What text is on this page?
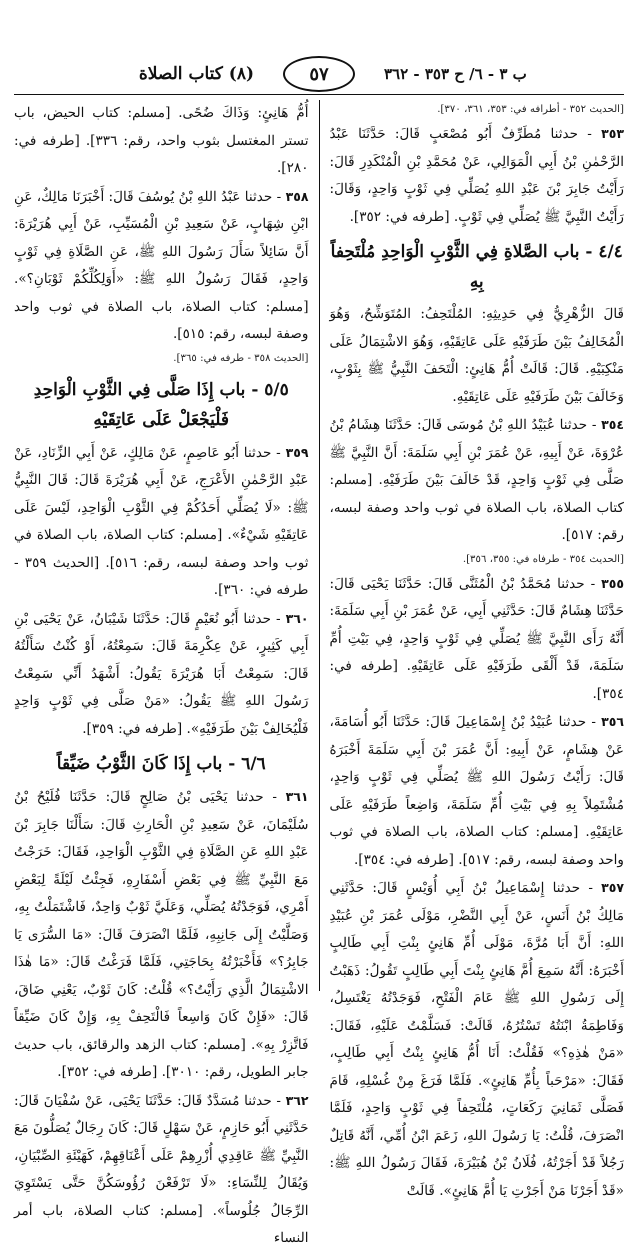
(٨) كتاب الصلاة	٥٧	ب ٣ - ٦/ ح ٣٥٣ - ٣٦٢

[الحديث ٣٥٢ - أطرافه في: ٣٥٣، ٣٦١، ٣٧٠].

٣٥٣ - حدثنا مُطَرِّفٌ أَبُو مُصْعَبٍ قَالَ: حَدَّثَنَا عَبْدُ الرَّحْمٰنِ بْنُ أَبِي الْمَوَالِي، عَنْ مُحَمَّدِ بْنِ الْمُنْكَدِرِ قَالَ: رَأَيْتُ جَابِرَ بْنَ عَبْدِ اللهِ يُصَلِّي فِي ثَوْبٍ وَاحِدٍ، وَقَالَ: رَأَيْتُ النَّبِيَّ ﷺ يُصَلِّي فِي ثَوْبٍ. [طرفه في: ٣٥٢].

٤/٤ - باب الصَّلاةِ فِي الثَّوْبِ الْوَاحِدِ مُلْتَحِفاً بِهِ

قَالَ الزُّهْرِيُّ فِي حَدِيثِهِ: المُلْتَحِفُ: المُتَوَشِّحُ، وَهُوَ الْمُخَالِفُ بَيْنَ طَرَفَيْهِ عَلَى عَاتِقَيْهِ، وَهُوَ الاشْتِمَالُ عَلَى مَنْكِبَيْهِ. قَالَ: قَالَتْ أُمُّ هَانِئٍ: الْتَحَفَ النَّبِيُّ ﷺ بِثَوْبٍ، وَخَالَفَ بَيْنَ طَرَفَيْهِ عَلَى عَاتِقَيْهِ.

٣٥٤ - حدثنا عُبَيْدُ اللهِ بْنُ مُوسَى قَالَ: حَدَّثَنَا هِشَامُ بْنُ عُرْوَةَ، عَنْ أَبِيهِ، عَنْ عُمَرَ بْنِ أَبِي سَلَمَةَ: أَنَّ النَّبِيَّ ﷺ صَلَّى فِي ثَوْبٍ وَاحِدٍ، قَدْ خَالَفَ بَيْنَ طَرَفَيْهِ. [مسلم: كتاب الصلاة، باب الصلاة في ثوب واحد وصفة لبسه، رقم: ٥١٧].

[الحديث ٣٥٤ - طرفاه في: ٣٥٥، ٣٥٦].

٣٥٥ - حدثنا مُحَمَّدُ بْنُ الْمُثَنَّى قَالَ: حَدَّثَنَا يَحْيَى قَالَ: حَدَّثَنَا هِشَامٌ قَالَ: حَدَّثَنِي أَبِي، عَنْ عُمَرَ بْنِ أَبِي سَلَمَةَ: أَنَّهُ رَأَى النَّبِيَّ ﷺ يُصَلِّي فِي ثَوْبٍ وَاحِدٍ، فِي بَيْتِ أُمِّ سَلَمَةَ، قَدْ أَلْقَى طَرَفَيْهِ عَلَى عَاتِقَيْهِ. [طرفه في: ٣٥٤].

٣٥٦ - حدثنا عُبَيْدُ بْنُ إِسْمَاعِيلَ قَالَ: حَدَّثَنَا أَبُو أُسَامَةَ، عَنْ هِشَامٍ، عَنْ أَبِيهِ: أَنَّ عُمَرَ بْنَ أَبِي سَلَمَةَ أَخْبَرَهُ قَالَ: رَأَيْتُ رَسُولَ اللهِ ﷺ يُصَلِّي فِي ثَوْبٍ وَاحِدٍ، مُشْتَمِلاً بِهِ فِي بَيْتِ أُمِّ سَلَمَةَ، وَاضِعاً طَرَفَيْهِ عَلَى عَاتِقَيْهِ. [مسلم: كتاب الصلاة، باب الصلاة في ثوب واحد وصفة لبسه، رقم: ٥١٧]. [طرفه في: ٣٥٤].

٣٥٧ - حدثنا إِسْمَاعِيلُ بْنُ أَبِي أُوَيْسٍ قَالَ: حَدَّثَنِي مَالِكُ بْنُ أَنَسٍ، عَنْ أَبِي النَّضْرِ، مَوْلَى عُمَرَ بْنِ عُبَيْدِ اللهِ: أَنَّ أَبَا مُرَّةَ، مَوْلَى أُمِّ هَانِئٍ بِنْتِ أَبِي طَالِبٍ أَخْبَرَهُ: أَنَّهُ سَمِعَ أُمَّ هَانِئٍ بِنْتَ أَبِي طَالِبٍ تَقُولُ: ذَهَبْتُ إِلَى رَسُولِ اللهِ ﷺ عَامَ الْفَتْحِ، فَوَجَدْتُهُ يَغْتَسِلُ، وَفَاطِمَةُ ابْنَتُهُ تَسْتُرُهُ، قَالَتْ: فَسَلَّمْتُ عَلَيْهِ، فَقَالَ: «مَنْ هٰذِهِ؟» فَقُلْتُ: أَنَا أُمُّ هَانِئٍ بِنْتُ أَبِي طَالِبٍ، فَقَالَ: «مَرْحَباً بِأُمِّ هَانِئٍ». فَلَمَّا فَرَغَ مِنْ غُسْلِهِ، قَامَ فَصَلَّى ثَمَانِيَ رَكَعَاتٍ، مُلْتَحِفاً فِي ثَوْبٍ وَاحِدٍ، فَلَمَّا انْصَرَفَ، قُلْتُ: يَا رَسُولَ اللهِ، زَعَمَ ابْنُ أُمِّي، أَنَّهُ قَاتِلٌ رَجُلاً قَدْ أَجَرْتُهُ، فُلَانُ بْنُ هُبَيْرَةَ، فَقَالَ رَسُولُ اللهِ ﷺ: «قَدْ أَجَرْنَا مَنْ أَجَرْتِ يَا أُمَّ هَانِئٍ». قَالَتْ

أُمُّ هَانِئٍ: وَذَاكَ ضُحًى. [مسلم: كتاب الحيض، باب تستر المغتسل بثوب واحد، رقم: ٣٣٦]. [طرفه في: ٢٨٠].

٣٥٨ - حدثنا عَبْدُ اللهِ بْنُ يُوسُفَ قَالَ: أَخْبَرَنَا مَالِكٌ، عَنِ ابْنِ شِهَابٍ، عَنْ سَعِيدِ بْنِ الْمُسَيِّبِ، عَنْ أَبِي هُرَيْرَةَ: أَنَّ سَائِلاً سَأَلَ رَسُولَ اللهِ ﷺ، عَنِ الصَّلَاةِ فِي ثَوْبٍ وَاحِدٍ، فَقَالَ رَسُولُ اللهِ ﷺ: «أَوَلِكُلِّكُمْ ثَوْبَانِ؟». [مسلم: كتاب الصلاة، باب الصلاة في ثوب واحد وصفة لبسه، رقم: ٥١٥].

[الحديث ٣٥٨ - طرفه في: ٣٦٥].

٥/٥ - باب إِذَا صَلَّى فِي الثَّوْبِ الْوَاحِدِ فَلْيَجْعَلْ عَلَى عَاتِقَيْهِ

٣٥٩ - حدثنا أَبُو عَاصِمٍ، عَنْ مَالِكٍ، عَنْ أَبِي الزِّنَادِ، عَنْ عَبْدِ الرَّحْمٰنِ الأَعْرَجِ، عَنْ أَبِي هُرَيْرَةَ قَالَ: قَالَ النَّبِيُّ ﷺ: «لَا يُصَلِّي أَحَدُكُمْ فِي الثَّوْبِ الْوَاحِدِ، لَيْسَ عَلَى عَاتِقَيْهِ شَيْءٌ». [مسلم: كتاب الصلاة، باب الصلاة في ثوب واحد وصفة لبسه، رقم: ٥١٦]. [الحديث ٣٥٩ - طرفه في: ٣٦٠].

٣٦٠ - حدثنا أَبُو نُعَيْمٍ قَالَ: حَدَّثَنَا شَيْبَانُ، عَنْ يَحْيَى بْنِ أَبِي كَثِيرٍ، عَنْ عِكْرِمَةَ قَالَ: سَمِعْتُهُ، أَوْ كُنْتُ سَأَلْتُهُ قَالَ: سَمِعْتُ أَبَا هُرَيْرَةَ يَقُولُ: أَشْهَدُ أَنِّي سَمِعْتُ رَسُولَ اللهِ ﷺ يَقُولُ: «مَنْ صَلَّى فِي ثَوْبٍ وَاحِدٍ فَلْيُخَالِفْ بَيْنَ طَرَفَيْهِ». [طرفه في: ٣٥٩].

٦/٦ - باب إِذَا كَانَ الثَّوْبُ ضَيِّقاً

٣٦١ - حدثنا يَحْيَى بْنُ صَالِحٍ قَالَ: حَدَّثَنَا فُلَيْحُ بْنُ سُلَيْمَانَ، عَنْ سَعِيدِ بْنِ الْحَارِثِ قَالَ: سَأَلْنَا جَابِرَ بْنَ عَبْدِ اللهِ عَنِ الصَّلَاةِ فِي الثَّوْبِ الْوَاحِدِ، فَقَالَ: خَرَجْتُ مَعَ النَّبِيِّ ﷺ فِي بَعْضِ أَسْفَارِهِ، فَجِئْتُ لَيْلَةً لِبَعْضِ أَمْرِي، فَوَجَدْتُهُ يُصَلِّي، وَعَلَيَّ ثَوْبٌ وَاحِدٌ، فَاشْتَمَلْتُ بِهِ، وَصَلَّيْتُ إِلَى جَانِبِهِ، فَلَمَّا انْصَرَفَ قَالَ: «مَا السُّرَى يَا جَابِرُ؟» فَأَخْبَرْتُهُ بِحَاجَتِي، فَلَمَّا فَرَغْتُ قَالَ: «مَا هٰذَا الاشْتِمَالُ الَّذِي رَأَيْتُ؟» قُلْتُ: كَانَ ثَوْبٌ، يَعْنِي ضَاقَ، قَالَ: «فَإِنْ كَانَ وَاسِعاً فَالْتَحِفْ بِهِ، وَإِنْ كَانَ ضَيِّقاً فَاتَّزِرْ بِهِ». [مسلم: كتاب الزهد والرقائق، باب حديث جابر الطويل، رقم: ٣٠١٠]. [طرفه في: ٣٥٢].

٣٦٢ - حدثنا مُسَدَّدٌ قَالَ: حَدَّثَنَا يَحْيَى، عَنْ سُفْيَانَ قَالَ: حَدَّثَنِي أَبُو حَازِمٍ، عَنْ سَهْلٍ قَالَ: كَانَ رِجَالٌ يُصَلُّونَ مَعَ النَّبِيِّ ﷺ عَاقِدِي أُزْرِهِمْ عَلَى أَعْنَاقِهِمْ، كَهَيْئَةِ الصِّبْيَانِ، وَيُقَالُ لِلنِّسَاءِ: «لَا تَرْفَعْنَ رُؤُوسَكُنَّ حَتَّى يَسْتَوِيَ الرِّجَالُ جُلُوساً». [مسلم: كتاب الصلاة، باب أمر النساء
